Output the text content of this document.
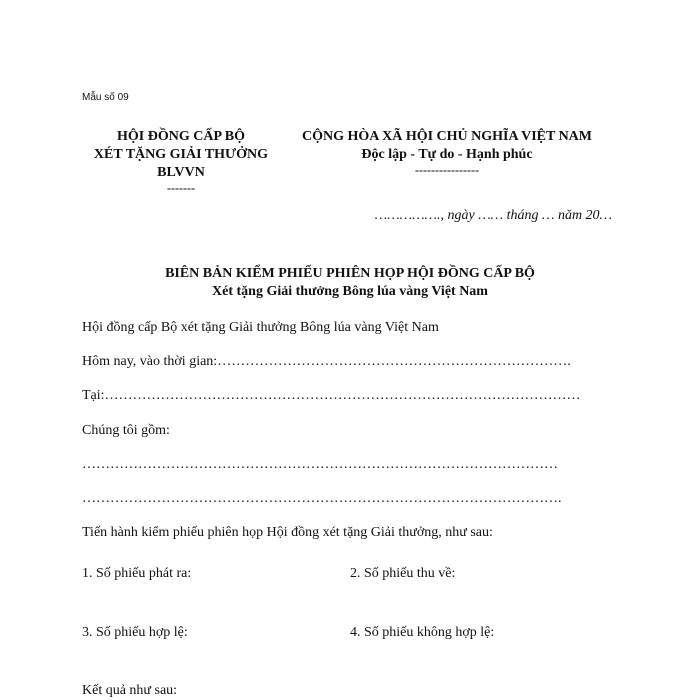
Mẫu số 09
HỘI ĐỒNG CẤP BỘ
XÉT TẶNG GIẢI THƯỞNG
BLVVN
-------
CỘNG HÒA XÃ HỘI CHỦ NGHĨA VIỆT NAM
Độc lập - Tự do - Hạnh phúc
----------------
……………., ngày …… tháng … năm 20…
BIÊN BẢN KIỂM PHIẾU PHIÊN HỌP HỘI ĐỒNG CẤP BỘ
Xét tặng Giải thưởng Bông lúa vàng Việt Nam
Hội đồng cấp Bộ xét tặng Giải thưởng Bông lúa vàng Việt Nam
Hôm nay, vào thời gian:………………………………………………………………….
Tại:…………………………………………………………………………………………
Chúng tôi gồm:
…………………………………………………………………………………………
………………………………………………………………………………………….
Tiến hành kiểm phiếu phiên họp Hội đồng xét tặng Giải thưởng, như sau:
1. Số phiếu phát ra:	2. Số phiếu thu về:
3. Số phiếu hợp lệ:	4. Số phiếu không hợp lệ:
Kết quả như sau:
